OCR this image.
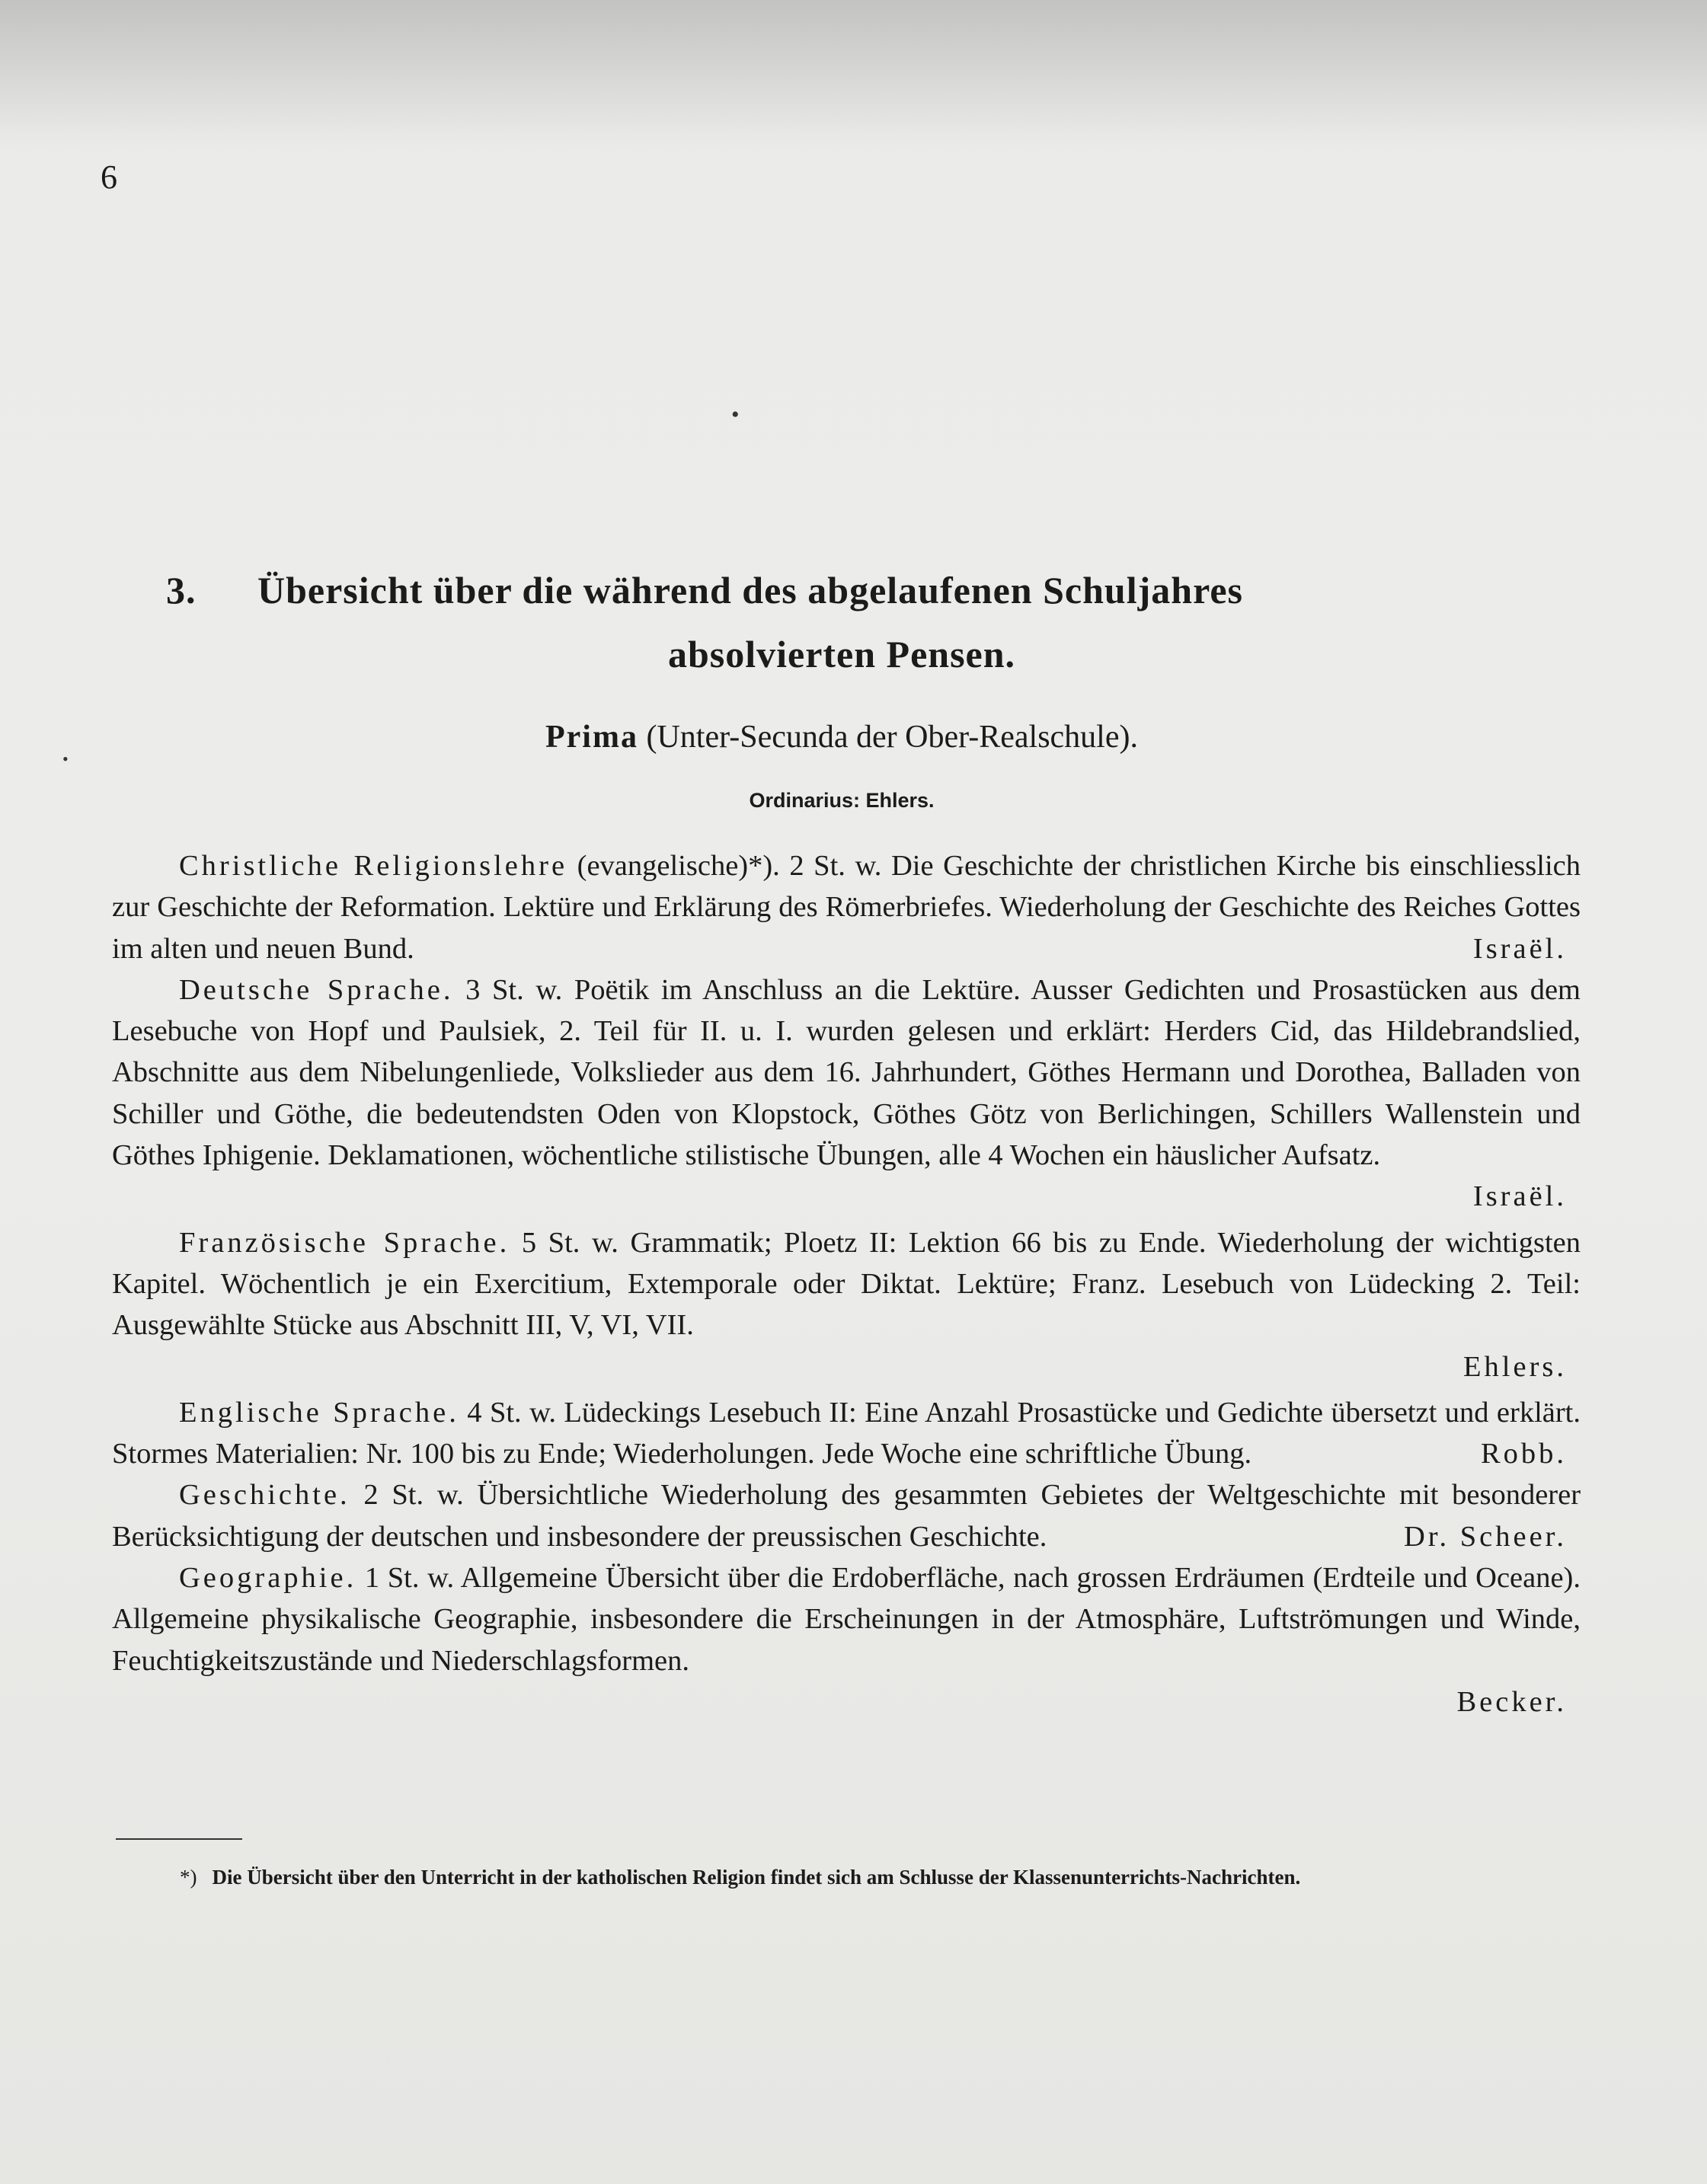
6
•
•
3. Übersicht über die während des abgelaufenen Schuljahres
absolvierten Pensen.
Prima (Unter-Secunda der Ober-Realschule).
Ordinarius: Ehlers.

Christliche Religionslehre (evangelische)*). 2 St. w. Die Geschichte der christlichen Kirche bis einschliesslich zur Geschichte der Reformation. Lektüre und Erklärung des Römerbriefes. Wiederholung der Geschichte des Reiches Gottes im alten und neuen Bund.	Israël.

Deutsche Sprache. 3 St. w. Poëtik im Anschluss an die Lektüre. Ausser Gedichten und Prosastücken aus dem Lesebuche von Hopf und Paulsiek, 2. Teil für II. u. I. wurden gelesen und erklärt: Herders Cid, das Hildebrandslied, Abschnitte aus dem Nibelungenliede, Volkslieder aus dem 16. Jahrhundert, Göthes Hermann und Dorothea, Balladen von Schiller und Göthe, die bedeutendsten Oden von Klopstock, Göthes Götz von Berlichingen, Schillers Wallenstein und Göthes Iphigenie. Deklamationen, wöchentliche stilistische Übungen, alle 4 Wochen ein häuslicher Aufsatz.
Israël.

Französische Sprache. 5 St. w. Grammatik; Ploetz II: Lektion 66 bis zu Ende. Wiederholung der wichtigsten Kapitel. Wöchentlich je ein Exercitium, Extemporale oder Diktat. Lektüre; Franz. Lesebuch von Lüdecking 2. Teil: Ausgewählte Stücke aus Abschnitt III, V, VI, VII.
Ehlers.

Englische Sprache. 4 St. w. Lüdeckings Lesebuch II: Eine Anzahl Prosastücke und Gedichte übersetzt und erklärt. Stormes Materialien: Nr. 100 bis zu Ende; Wiederholungen. Jede Woche eine schriftliche Übung.	Robb.

Geschichte. 2 St. w. Übersichtliche Wiederholung des gesammten Gebietes der Weltgeschichte mit besonderer Berücksichtigung der deutschen und insbesondere der preussischen Geschichte.	Dr. Scheer.

Geographie. 1 St. w. Allgemeine Übersicht über die Erdoberfläche, nach grossen Erdräumen (Erdteile und Oceane). Allgemeine physikalische Geographie, insbesondere die Erscheinungen in der Atmosphäre, Luftströmungen und Winde, Feuchtigkeitszustände und Niederschlagsformen.
Becker.

*) Die Übersicht über den Unterricht in der katholischen Religion findet sich am Schlusse der Klassenunterrichts-Nachrichten.
